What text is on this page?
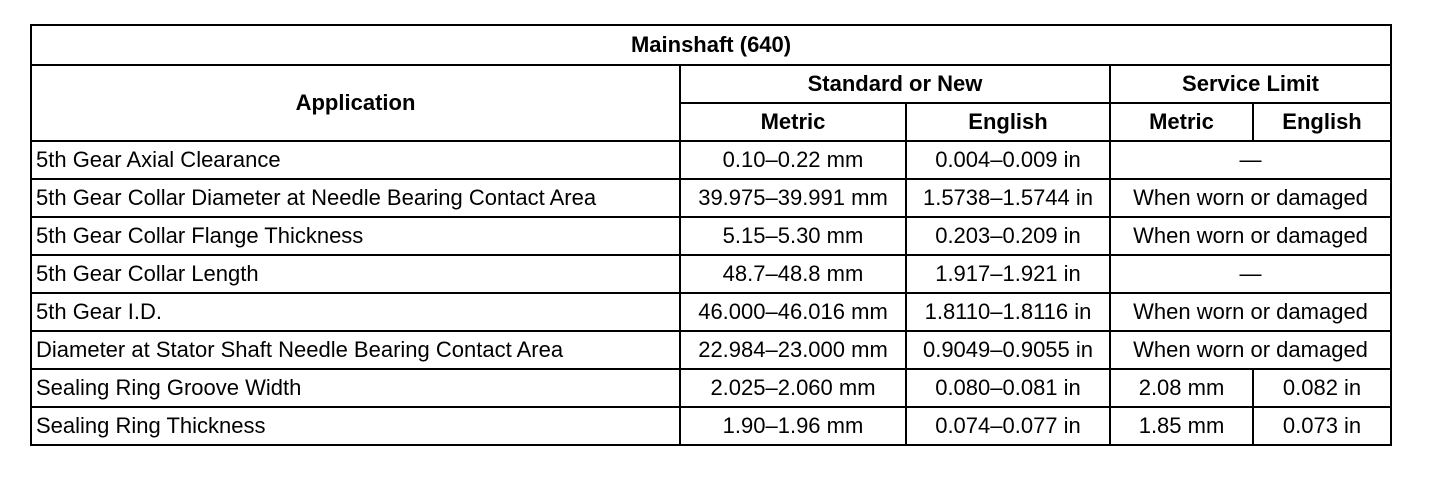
Mainshaft (640)				
Application	Standard or New		Service Limit	
	Metric	English	Metric	English
5th Gear Axial Clearance	0.10–0.22 mm	0.004–0.009 in	—	
5th Gear Collar Diameter at Needle Bearing Contact Area	39.975–39.991 mm	1.5738–1.5744 in	When worn or damaged	
5th Gear Collar Flange Thickness	5.15–5.30 mm	0.203–0.209 in	When worn or damaged	
5th Gear Collar Length	48.7–48.8 mm	1.917–1.921 in	—	
5th Gear I.D.	46.000–46.016 mm	1.8110–1.8116 in	When worn or damaged	
Diameter at Stator Shaft Needle Bearing Contact Area	22.984–23.000 mm	0.9049–0.9055 in	When worn or damaged	
Sealing Ring Groove Width	2.025–2.060 mm	0.080–0.081 in	2.08 mm	0.082 in
Sealing Ring Thickness	1.90–1.96 mm	0.074–0.077 in	1.85 mm	0.073 in
